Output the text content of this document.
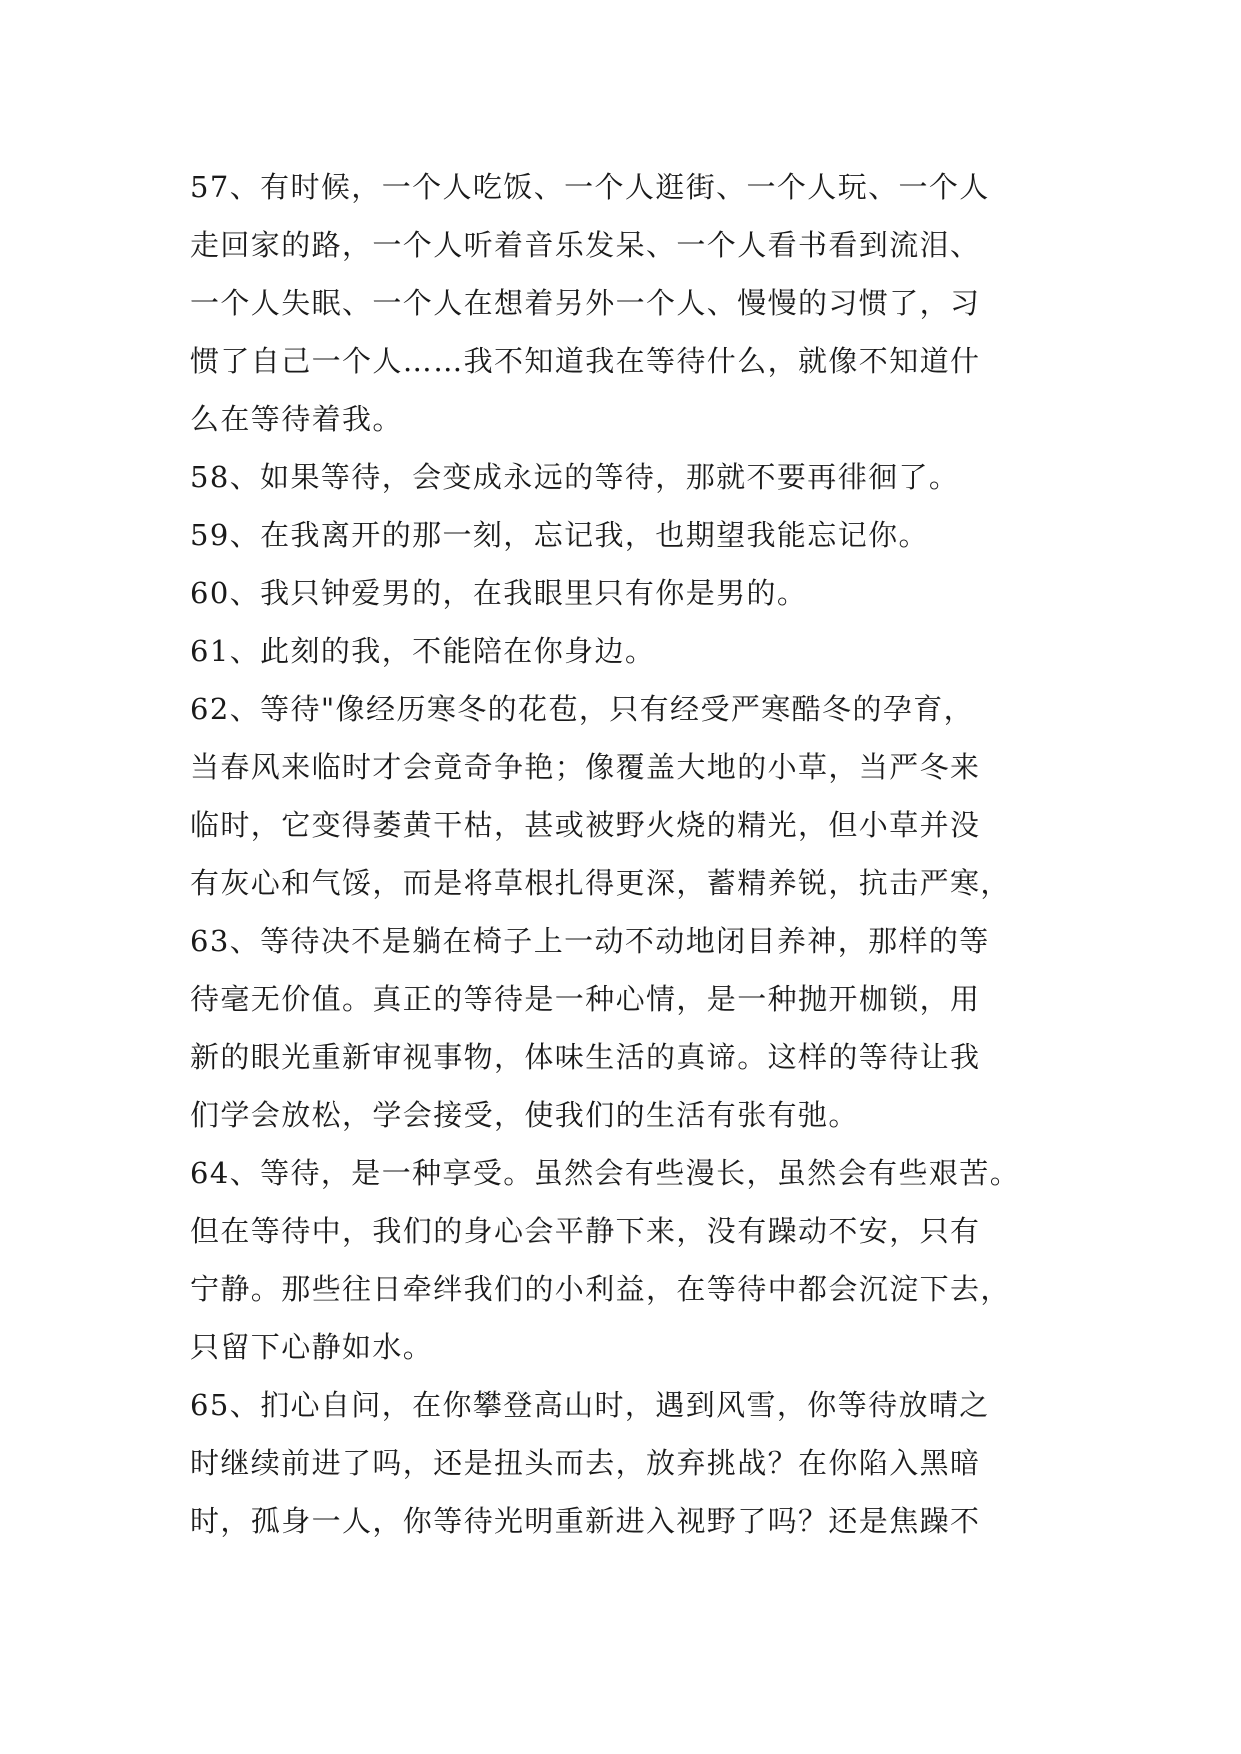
57、有时候，一个人吃饭、一个人逛街、一个人玩、一个人
走回家的路，一个人听着音乐发呆、一个人看书看到流泪、
一个人失眠、一个人在想着另外一个人、慢慢的习惯了，习
惯了自己一个人……我不知道我在等待什么，就像不知道什
么在等待着我。
58、如果等待，会变成永远的等待，那就不要再徘徊了。
59、在我离开的那一刻，忘记我，也期望我能忘记你。
60、我只钟爱男的，在我眼里只有你是男的。
61、此刻的我，不能陪在你身边。
62、等待"像经历寒冬的花苞，只有经受严寒酷冬的孕育，
当春风来临时才会竟奇争艳；像覆盖大地的小草，当严冬来
临时，它变得萎黄干枯，甚或被野火烧的精光，但小草并没
有灰心和气馁，而是将草根扎得更深，蓄精养锐，抗击严寒，
63、等待决不是躺在椅子上一动不动地闭目养神，那样的等
待毫无价值。真正的等待是一种心情，是一种抛开枷锁，用
新的眼光重新审视事物，体味生活的真谛。这样的等待让我
们学会放松，学会接受，使我们的生活有张有弛。
64、等待，是一种享受。虽然会有些漫长，虽然会有些艰苦。
但在等待中，我们的身心会平静下来，没有躁动不安，只有
宁静。那些往日牵绊我们的小利益，在等待中都会沉淀下去，
只留下心静如水。
65、扪心自问，在你攀登高山时，遇到风雪，你等待放晴之
时继续前进了吗，还是扭头而去，放弃挑战？在你陷入黑暗
时，孤身一人，你等待光明重新进入视野了吗？还是焦躁不
